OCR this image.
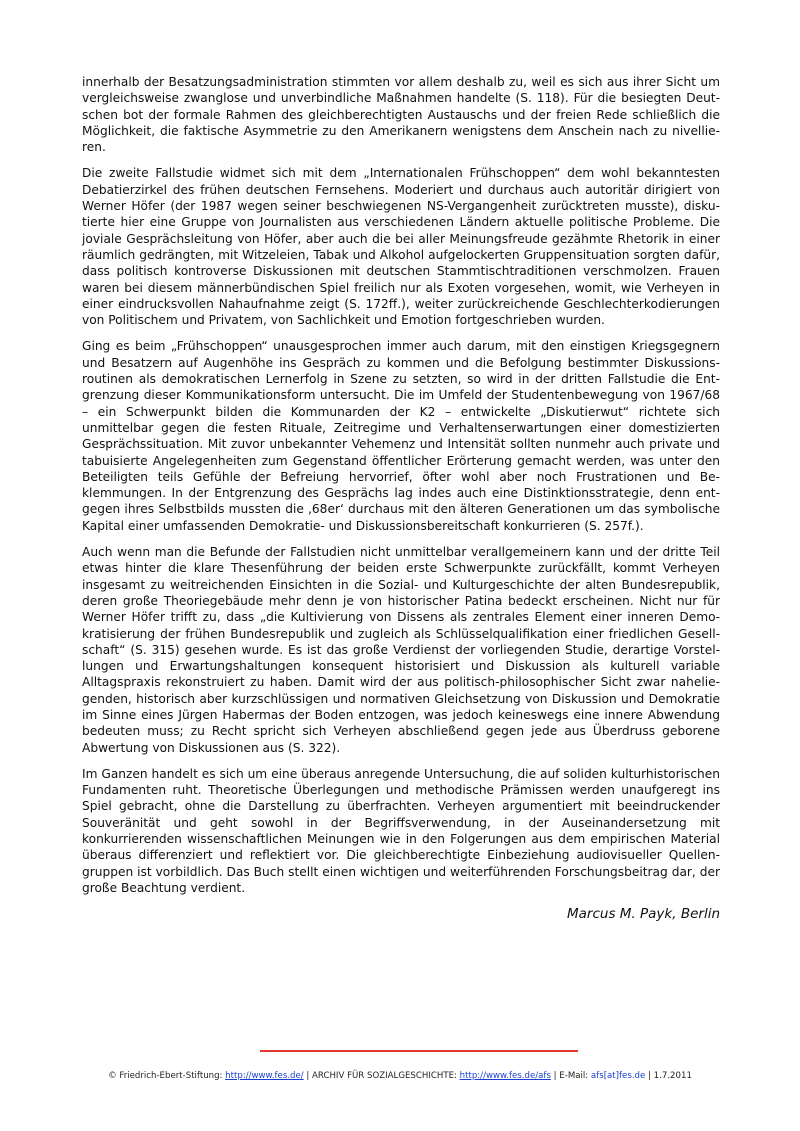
innerhalb der Besatzungsadministration stimmten vor allem deshalb zu, weil es sich aus ihrer Sicht um vergleichsweise zwanglose und unverbindliche Maßnahmen handelte (S. 118). Für die besiegten Deutschen bot der formale Rahmen des gleichberechtigten Austauschs und der freien Rede schließlich die Möglichkeit, die faktische Asymmetrie zu den Amerikanern wenigstens dem Anschein nach zu nivellieren.

Die zweite Fallstudie widmet sich mit dem „Internationalen Frühschoppen“ dem wohl bekanntesten Debatierzirkel des frühen deutschen Fernsehens. Moderiert und durchaus auch autoritär dirigiert von Werner Höfer (der 1987 wegen seiner beschwiegenen NS-Vergangenheit zurücktreten musste), diskutierte hier eine Gruppe von Journalisten aus verschiedenen Ländern aktuelle politische Probleme. Die joviale Gesprächsleitung von Höfer, aber auch die bei aller Meinungsfreude gezähmte Rhetorik in einer räumlich gedrängten, mit Witzeleien, Tabak und Alkohol aufgelockerten Gruppensituation sorgten dafür, dass politisch kontroverse Diskussionen mit deutschen Stammtischtraditionen verschmolzen. Frauen waren bei diesem männerbündischen Spiel freilich nur als Exoten vorgesehen, womit, wie Verheyen in einer eindrucksvollen Nahaufnahme zeigt (S. 172ff.), weiter zurückreichende Geschlechterkodierungen von Politischem und Privatem, von Sachlichkeit und Emotion fortgeschrieben wurden.

Ging es beim „Frühschoppen“ unausgesprochen immer auch darum, mit den einstigen Kriegsgegnern und Besatzern auf Augenhöhe ins Gespräch zu kommen und die Befolgung bestimmter Diskussionsroutinen als demokratischen Lernerfolg in Szene zu setzten, so wird in der dritten Fallstudie die Entgrenzung dieser Kommunikationsform untersucht. Die im Umfeld der Studentenbewegung von 1967/68 – ein Schwerpunkt bilden die Kommunarden der K2 – entwickelte „Diskutierwut“ richtete sich unmittelbar gegen die festen Rituale, Zeitregime und Verhaltenserwartungen einer domestizierten Gesprächssituation. Mit zuvor unbekannter Vehemenz und Intensität sollten nunmehr auch private und tabuisierte Angelegenheiten zum Gegenstand öffentlicher Erörterung gemacht werden, was unter den Beteiligten teils Gefühle der Befreiung hervorrief, öfter wohl aber noch Frustrationen und Beklemmungen. In der Entgrenzung des Gesprächs lag indes auch eine Distinktionsstrategie, denn entgegen ihres Selbstbilds mussten die ‚68er‘ durchaus mit den älteren Generationen um das symbolische Kapital einer umfassenden Demokratie- und Diskussionsbereitschaft konkurrieren (S. 257f.).

Auch wenn man die Befunde der Fallstudien nicht unmittelbar verallgemeinern kann und der dritte Teil etwas hinter die klare Thesenführung der beiden erste Schwerpunkte zurückfällt, kommt Verheyen insgesamt zu weitreichenden Einsichten in die Sozial- und Kulturgeschichte der alten Bundesrepublik, deren große Theoriegebäude mehr denn je von historischer Patina bedeckt erscheinen. Nicht nur für Werner Höfer trifft zu, dass „die Kultivierung von Dissens als zentrales Element einer inneren Demokratisierung der frühen Bundesrepublik und zugleich als Schlüsselqualifikation einer friedlichen Gesellschaft“ (S. 315) gesehen wurde. Es ist das große Verdienst der vorliegenden Studie, derartige Vorstellungen und Erwartungshaltungen konsequent historisiert und Diskussion als kulturell variable Alltagspraxis rekonstruiert zu haben. Damit wird der aus politisch-philosophischer Sicht zwar naheliegenden, historisch aber kurzschlüssigen und normativen Gleichsetzung von Diskussion und Demokratie im Sinne eines Jürgen Habermas der Boden entzogen, was jedoch keineswegs eine innere Abwendung bedeuten muss; zu Recht spricht sich Verheyen abschließend gegen jede aus Überdruss geborene Abwertung von Diskussionen aus (S. 322).

Im Ganzen handelt es sich um eine überaus anregende Untersuchung, die auf soliden kulturhistorischen Fundamenten ruht. Theoretische Überlegungen und methodische Prämissen werden unaufgeregt ins Spiel gebracht, ohne die Darstellung zu überfrachten. Verheyen argumentiert mit beeindruckender Souveränität und geht sowohl in der Begriffsverwendung, in der Auseinandersetzung mit konkurrierenden wissenschaftlichen Meinungen wie in den Folgerungen aus dem empirischen Material überaus differenziert und reflektiert vor. Die gleichberechtigte Einbeziehung audiovisueller Quellengruppen ist vorbildlich. Das Buch stellt einen wichtigen und weiterführenden Forschungsbeitrag dar, der große Beachtung verdient.

Marcus M. Payk, Berlin

© Friedrich-Ebert-Stiftung: http://www.fes.de/ | ARCHIV FÜR SOZIALGESCHICHTE: http://www.fes.de/afs | E-Mail: afs[at]fes.de | 1.7.2011
